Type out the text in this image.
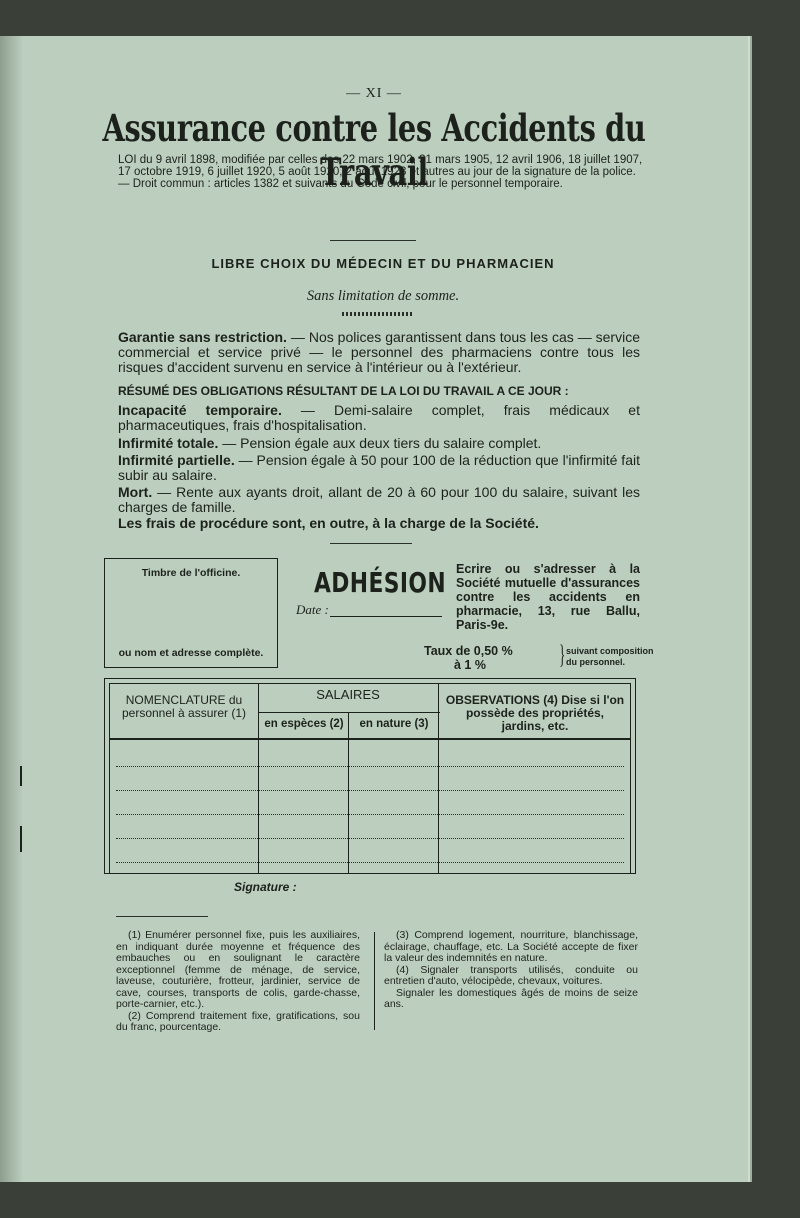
— XI —
Assurance contre les Accidents du Travail
LOI du 9 avril 1898, modifiée par celles des 22 mars 1902, 31 mars 1905, 12 avril 1906, 18 juillet 1907, 17 octobre 1919, 6 juillet 1920, 5 août 1920, 2 août 1923 et autres au jour de la signature de la police. — Droit commun : articles 1382 et suivants du Code civil, pour le personnel temporaire.
LIBRE CHOIX DU MÉDECIN ET DU PHARMACIEN
Sans limitation de somme.
Garantie sans restriction. — Nos polices garantissent dans tous les cas — service commercial et service privé — le personnel des pharmaciens contre tous les risques d'accident survenu en service à l'intérieur ou à l'extérieur.
RÉSUMÉ DES OBLIGATIONS RÉSULTANT DE LA LOI DU TRAVAIL A CE JOUR :
Incapacité temporaire. — Demi-salaire complet, frais médicaux et pharmaceutiques, frais d'hospitalisation.
Infirmité totale. — Pension égale aux deux tiers du salaire complet.
Infirmité partielle. — Pension égale à 50 pour 100 de la réduction que l'infirmité fait subir au salaire.
Mort. — Rente aux ayants droit, allant de 20 à 60 pour 100 du salaire, suivant les charges de famille.
Les frais de procédure sont, en outre, à la charge de la Société.
Timbre de l'officine.
ou nom et adresse complète.
ADHÉSION
Date :
Ecrire ou s'adresser à la Société mutuelle d'assurances contre les accidents en pharmacie, 13, rue Ballu, Paris-9e.
Taux de 0,50 %
à 1 %	} suivant composition
du personnel.
NOMENCLATURE du personnel à assurer (1)
SALAIRES
en espèces (2)	en nature (3)
OBSERVATIONS (4) Dise si l'on possède des propriétés, jardins, etc.
Signature :

(1) Enumérer personnel fixe, puis les auxiliaires, en indiquant durée moyenne et fréquence des embauches ou en soulignant le caractère exceptionnel (femme de ménage, de service, laveuse, couturière, frotteur, jardinier, service de cave, courses, transports de colis, garde-chasse, porte-carnier, etc.).

(2) Comprend traitement fixe, gratifications, sou du franc, pourcentage.

(3) Comprend logement, nourriture, blanchissage, éclairage, chauffage, etc. La Société accepte de fixer la valeur des indemnités en nature.

(4) Signaler transports utilisés, conduite ou entretien d'auto, vélocipède, chevaux, voitures.

Signaler les domestiques âgés de moins de seize ans.
